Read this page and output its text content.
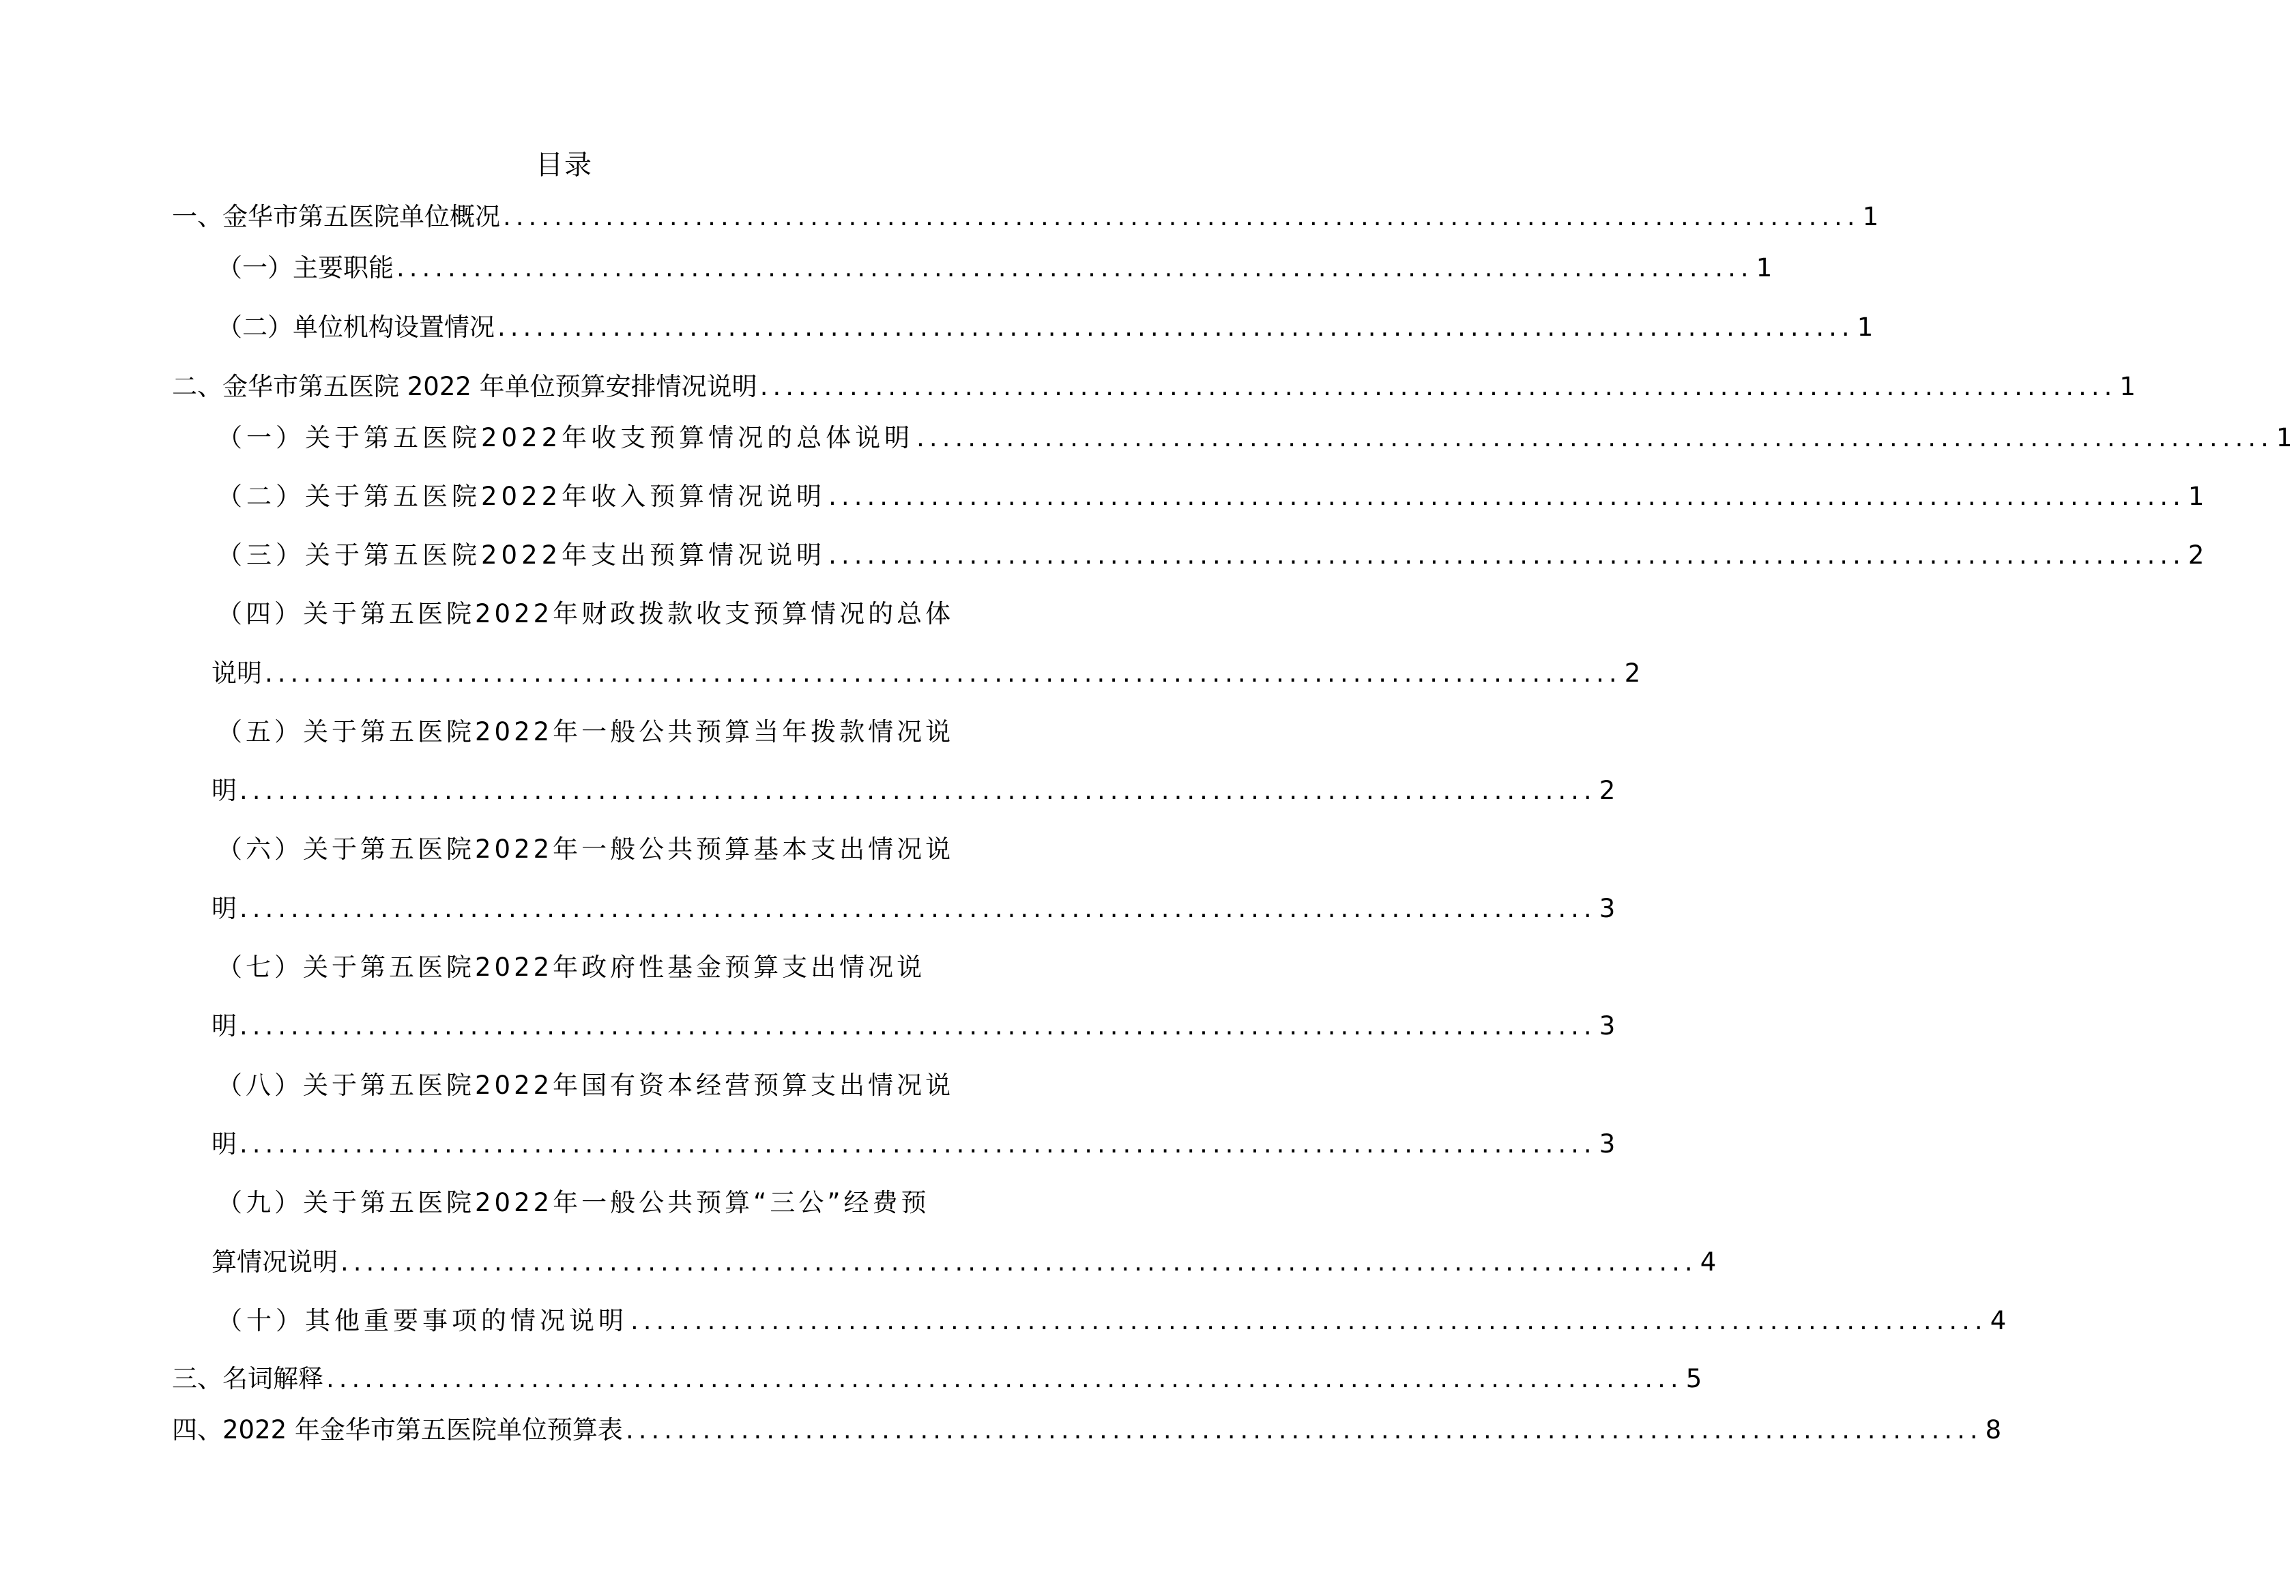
目录
一、金华市第五医院单位概况 .......................................................................................................... 1
（一）主要职能 .......................................................................................................... 1
（二）单位机构设置情况 .......................................................................................................... 1
二、金华市第五医院 2022 年单位预算安排情况说明 .......................................................................................................... 1
（一）关于第五医院2022年收支预算情况的总体说明 .......................................................................................................... 1
（二）关于第五医院2022年收入预算情况说明 .......................................................................................................... 1
（三）关于第五医院2022年支出预算情况说明 .......................................................................................................... 2
（四）关于第五医院2022年财政拨款收支预算情况的总体
说明 .......................................................................................................... 2
（五）关于第五医院2022年一般公共预算当年拨款情况说
明 .......................................................................................................... 2
（六）关于第五医院2022年一般公共预算基本支出情况说
明 .......................................................................................................... 3
（七）关于第五医院2022年政府性基金预算支出情况说
明 .......................................................................................................... 3
（八）关于第五医院2022年国有资本经营预算支出情况说
明 .......................................................................................................... 3
（九）关于第五医院2022年一般公共预算“三公”经费预
算情况说明 .......................................................................................................... 4
（十）其他重要事项的情况说明 .......................................................................................................... 4
三、名词解释 .......................................................................................................... 5
四、2022 年金华市第五医院单位预算表 .......................................................................................................... 8
